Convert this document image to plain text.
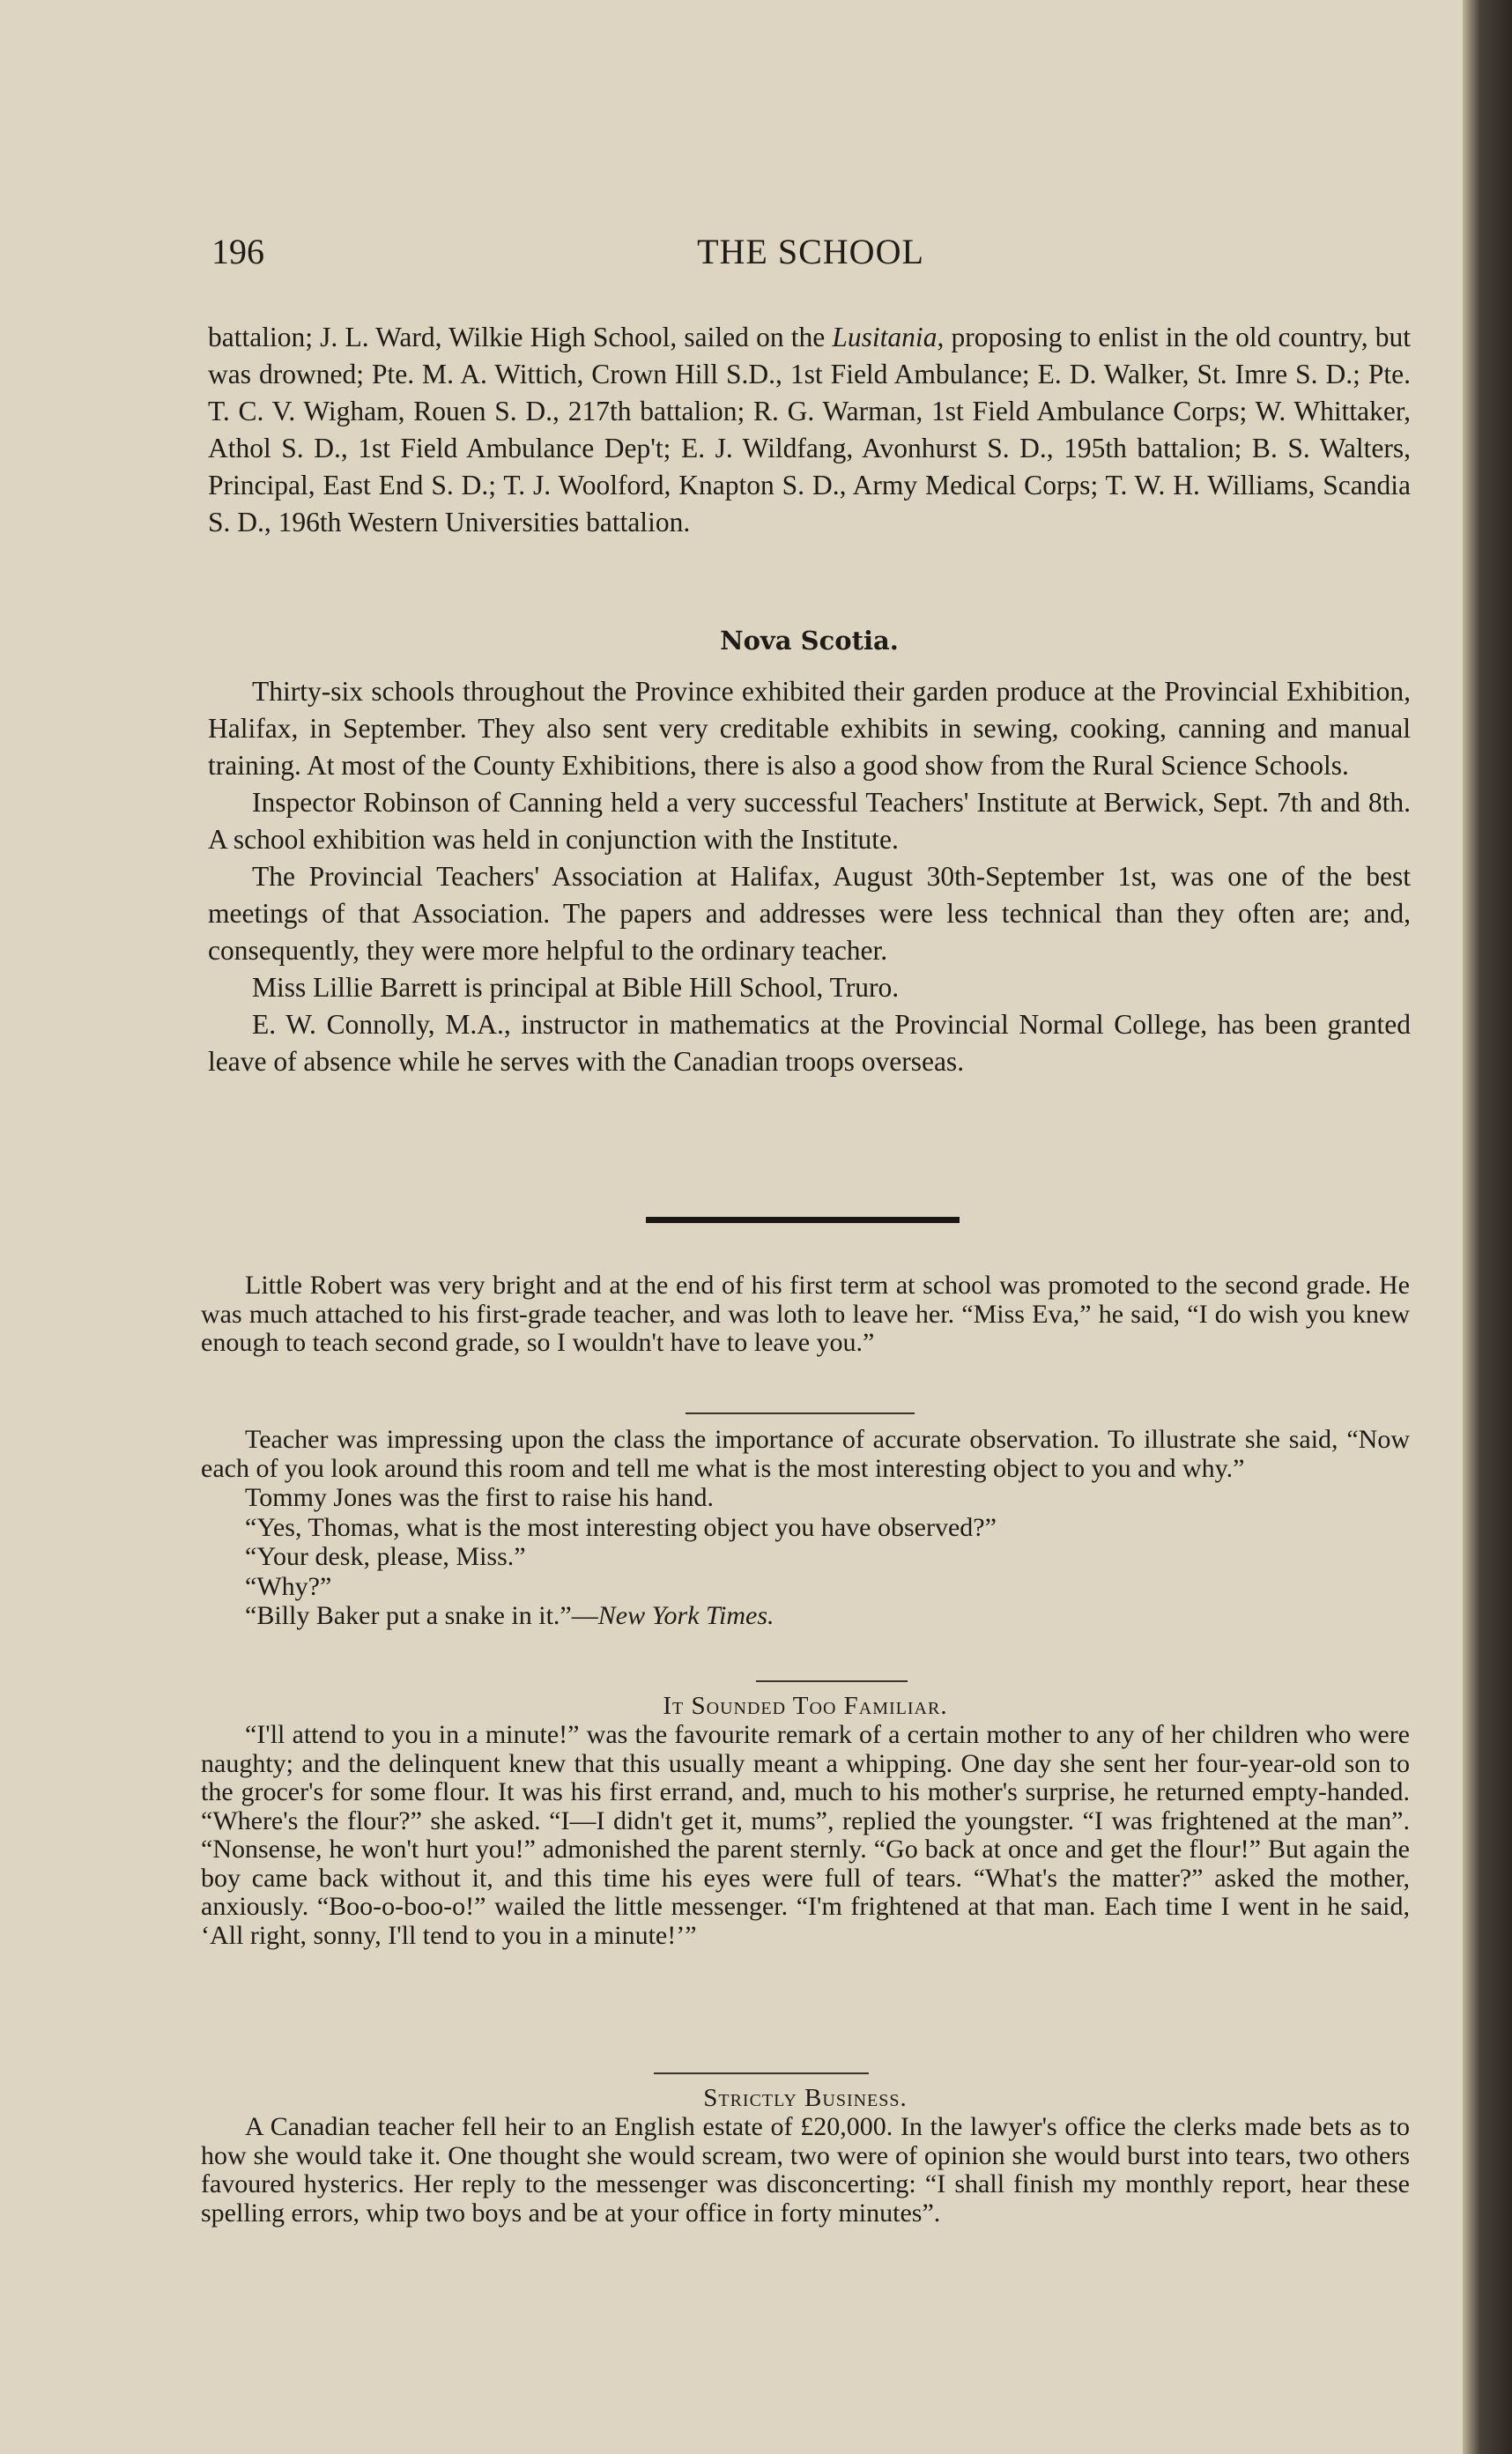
196	THE SCHOOL

battalion; J. L. Ward, Wilkie High School, sailed on the Lusitania, proposing to enlist in the old country, but was drowned; Pte. M. A. Wittich, Crown Hill S.D., 1st Field Ambulance; E. D. Walker, St. Imre S. D.; Pte. T. C. V. Wigham, Rouen S. D., 217th battalion; R. G. Warman, 1st Field Ambulance Corps; W. Whittaker, Athol S. D., 1st Field Ambulance Dep't; E. J. Wildfang, Avonhurst S. D., 195th battalion; B. S. Walters, Principal, East End S. D.; T. J. Woolford, Knapton S. D., Army Medical Corps; T. W. H. Williams, Scandia S. D., 196th Western Universities battalion.

Nova Scotia.

Thirty-six schools throughout the Province exhibited their garden produce at the Provincial Exhibition, Halifax, in September. They also sent very creditable exhibits in sewing, cooking, canning and manual training. At most of the County Exhibitions, there is also a good show from the Rural Science Schools.

Inspector Robinson of Canning held a very successful Teachers' Institute at Berwick, Sept. 7th and 8th. A school exhibition was held in conjunction with the Institute.

The Provincial Teachers' Association at Halifax, August 30th-September 1st, was one of the best meetings of that Association. The papers and addresses were less technical than they often are; and, consequently, they were more helpful to the ordinary teacher.

Miss Lillie Barrett is principal at Bible Hill School, Truro.

E. W. Connolly, M.A., instructor in mathematics at the Provincial Normal College, has been granted leave of absence while he serves with the Canadian troops overseas.

Little Robert was very bright and at the end of his first term at school was promoted to the second grade. He was much attached to his first-grade teacher, and was loth to leave her. “Miss Eva,” he said, “I do wish you knew enough to teach second grade, so I wouldn't have to leave you.”

Teacher was impressing upon the class the importance of accurate observation. To illustrate she said, “Now each of you look around this room and tell me what is the most interesting object to you and why.”

Tommy Jones was the first to raise his hand.

“Yes, Thomas, what is the most interesting object you have observed?”

“Your desk, please, Miss.”

“Why?”

“Billy Baker put a snake in it.”—New York Times.

It Sounded Too Familiar.

“I'll attend to you in a minute!” was the favourite remark of a certain mother to any of her children who were naughty; and the delinquent knew that this usually meant a whipping. One day she sent her four-year-old son to the grocer's for some flour. It was his first errand, and, much to his mother's surprise, he returned empty-handed. “Where's the flour?” she asked. “I—I didn't get it, mums”, replied the youngster. “I was frightened at the man”. “Nonsense, he won't hurt you!” admonished the parent sternly. “Go back at once and get the flour!” But again the boy came back without it, and this time his eyes were full of tears. “What's the matter?” asked the mother, anxiously. “Boo-o-boo-o!” wailed the little messenger. “I'm frightened at that man. Each time I went in he said, ‘All right, sonny, I'll tend to you in a minute!’”

Strictly Business.

A Canadian teacher fell heir to an English estate of £20,000. In the lawyer's office the clerks made bets as to how she would take it. One thought she would scream, two were of opinion she would burst into tears, two others favoured hysterics. Her reply to the messenger was disconcerting: “I shall finish my monthly report, hear these spelling errors, whip two boys and be at your office in forty minutes”.
